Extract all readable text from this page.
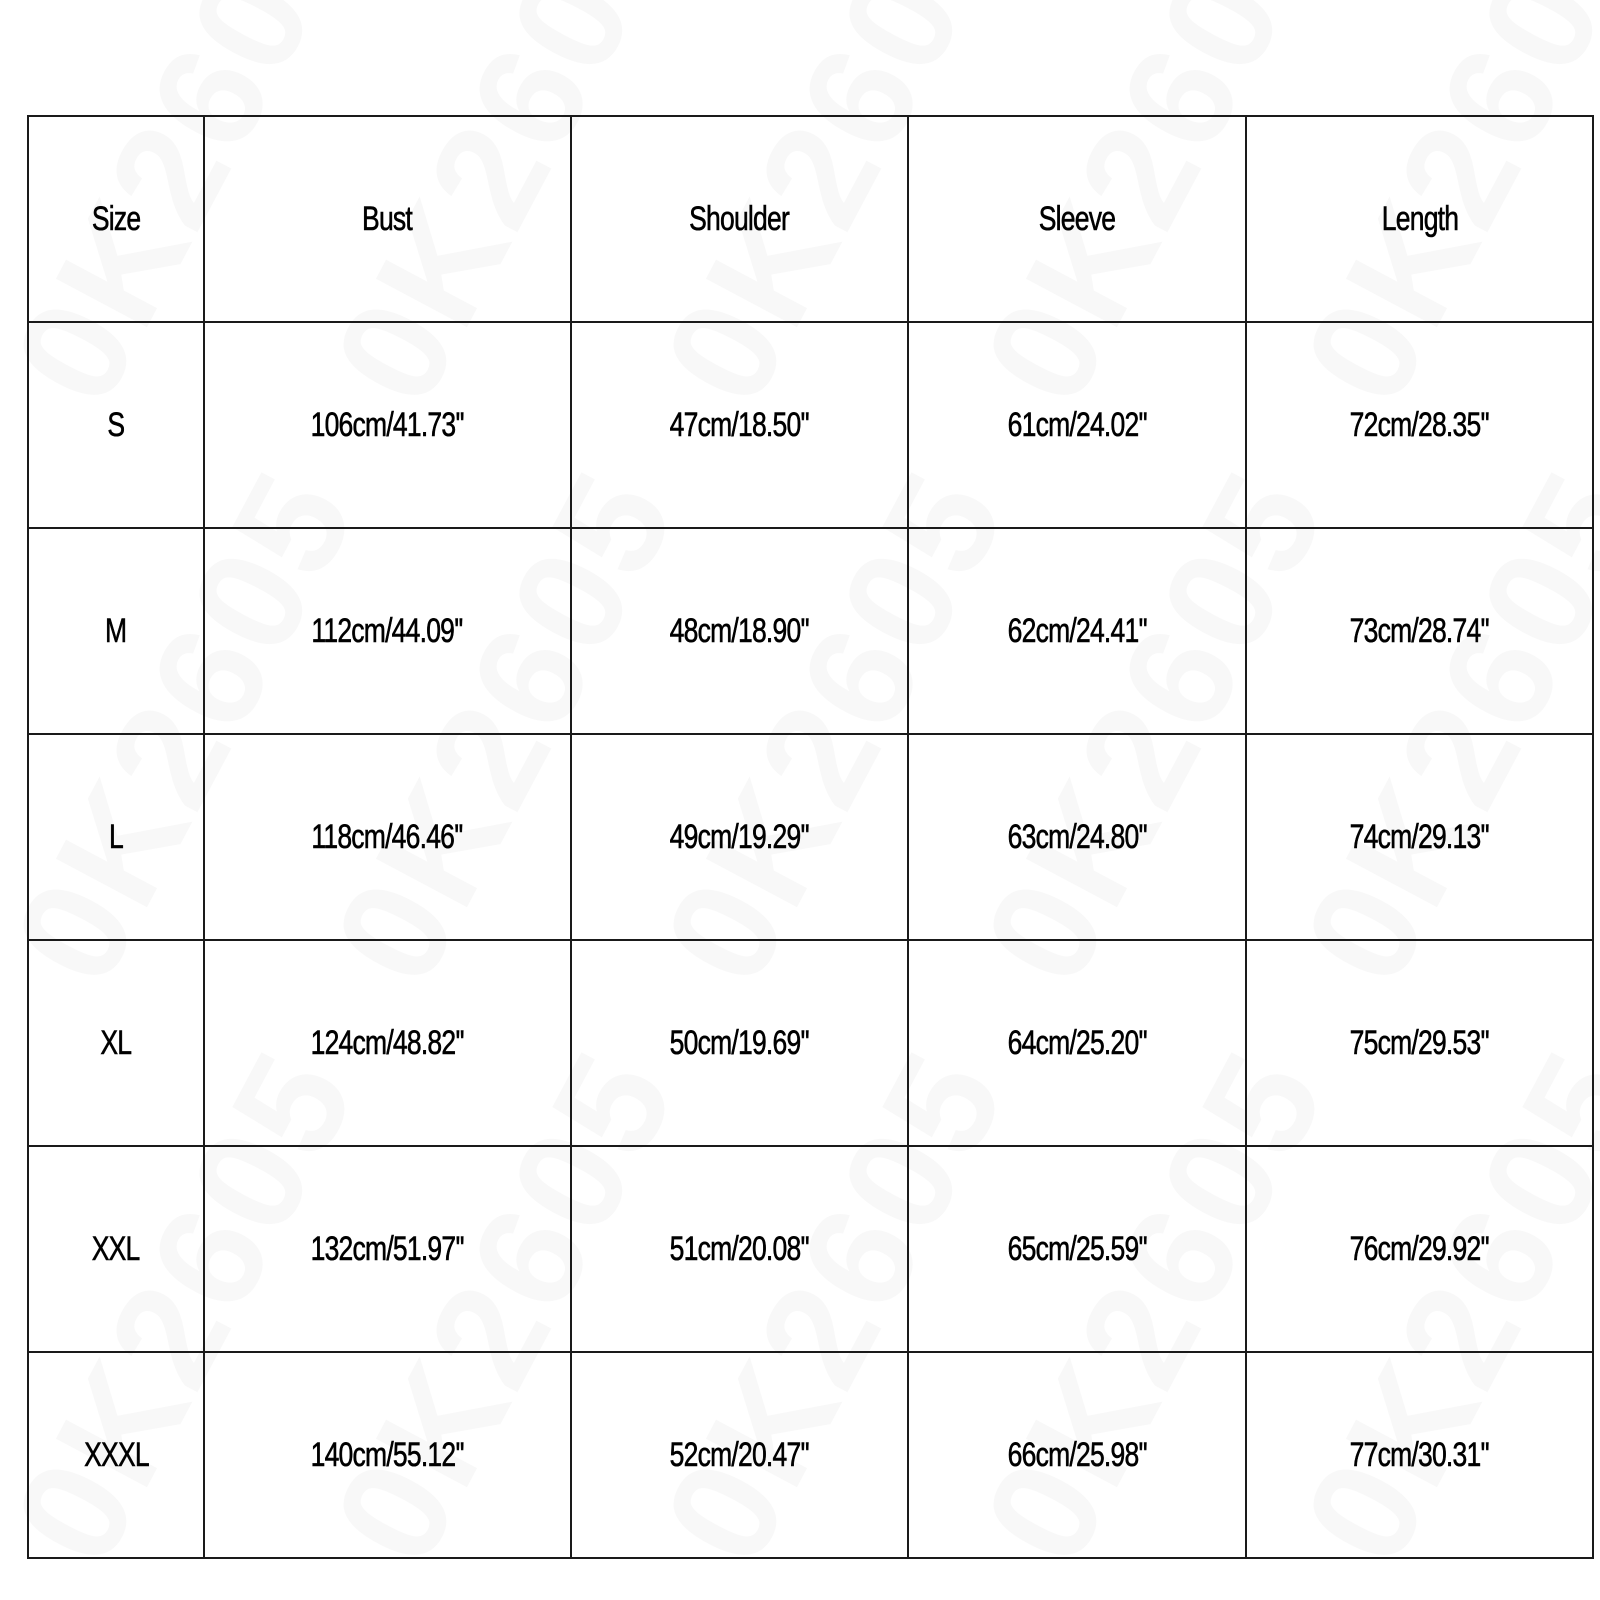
Size	Bust	Shoulder	Sleeve	Length
S	106cm/41.73''	47cm/18.50''	61cm/24.02''	72cm/28.35''
M	112cm/44.09''	48cm/18.90''	62cm/24.41''	73cm/28.74''
L	118cm/46.46''	49cm/19.29''	63cm/24.80''	74cm/29.13''
XL	124cm/48.82''	50cm/19.69''	64cm/25.20''	75cm/29.53''
XXL	132cm/51.97''	51cm/20.08''	65cm/25.59''	76cm/29.92''
XXXL	140cm/55.12''	52cm/20.47''	66cm/25.98''	77cm/30.31''
